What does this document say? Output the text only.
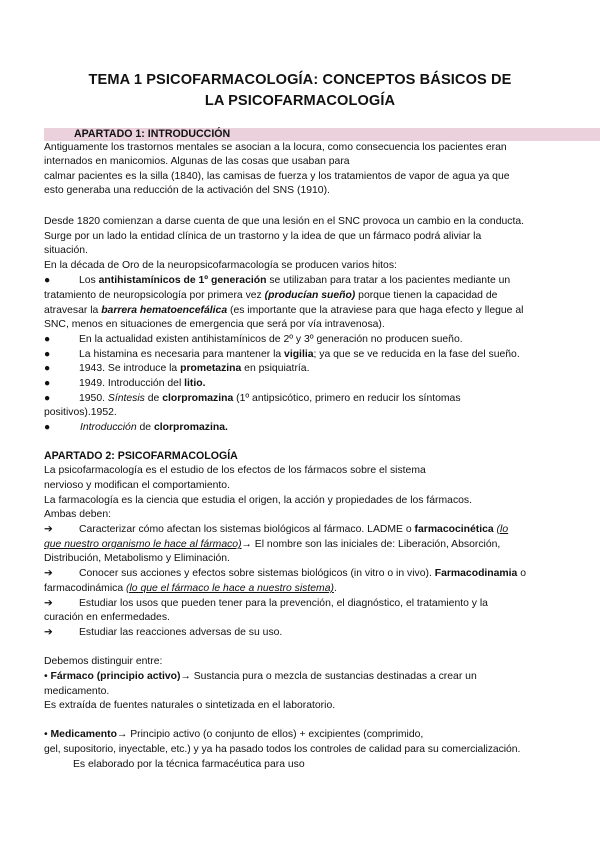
TEMA 1 PSICOFARMACOLOGÍA: CONCEPTOS BÁSICOS DE
LA PSICOFARMACOLOGÍA
APARTADO 1: INTRODUCCIÓN
Antiguamente los trastornos mentales se asocian a la locura, como consecuencia los pacientes eran
internados en manicomios. Algunas de las cosas que usaban para
calmar pacientes es la silla (1840), las camisas de fuerza y los tratamientos de vapor de agua ya que
esto generaba una reducción de la activación del SNS (1910).
Desde 1820 comienzan a darse cuenta de que una lesión en el SNC provoca un cambio en la conducta.
Surge por un lado la entidad clínica de un trastorno y la idea de que un fármaco podrá aliviar la
situación.
En la década de Oro de la neuropsicofarmacología se producen varios hitos:
●	Los antihistamínicos de 1º generación se utilizaban para tratar a los pacientes mediante un
tratamiento de neuropsicología por primera vez (producían sueño) porque tienen la capacidad de
atravesar la barrera hematoencefálica (es importante que la atraviese para que haga efecto y llegue al
SNC, menos en situaciones de emergencia que será por vía intravenosa).
●	En la actualidad existen antihistamínicos de 2º y 3º generación no producen sueño.
●	La histamina es necesaria para mantener la vigilia; ya que se ve reducida en la fase del sueño.
●	1943. Se introduce la prometazina en psiquiatría.
●	1949. Introducción del litio.
●	1950. Síntesis de clorpromazina (1º antipsicótico, primero en reducir los síntomas
positivos).1952.
●	Introducción de clorpromazina.
APARTADO 2: PSICOFARMACOLOGÍA
La psicofarmacología es el estudio de los efectos de los fármacos sobre el sistema
nervioso y modifican el comportamiento.
La farmacología es la ciencia que estudia el origen, la acción y propiedades de los fármacos.
Ambas deben:
➔	Caracterizar cómo afectan los sistemas biológicos al fármaco. LADME o farmacocinética (lo
que nuestro organismo le hace al fármaco)→ El nombre son las iniciales de: Liberación, Absorción,
Distribución, Metabolismo y Eliminación.
➔	Conocer sus acciones y efectos sobre sistemas biológicos (in vitro o in vivo). Farmacodinamia o
farmacodinámica (lo que el fármaco le hace a nuestro sistema).
➔	Estudiar los usos que pueden tener para la prevención, el diagnóstico, el tratamiento y la
curación en enfermedades.
➔	Estudiar las reacciones adversas de su uso.
Debemos distinguir entre:
• Fármaco (principio activo)→ Sustancia pura o mezcla de sustancias destinadas a crear un
medicamento.
Es extraída de fuentes naturales o sintetizada en el laboratorio.
• Medicamento→ Principio activo (o conjunto de ellos) + excipientes (comprimido,
gel, supositorio, inyectable, etc.) y ya ha pasado todos los controles de calidad para su comercialización.
Es elaborado por la técnica farmacéutica para uso
